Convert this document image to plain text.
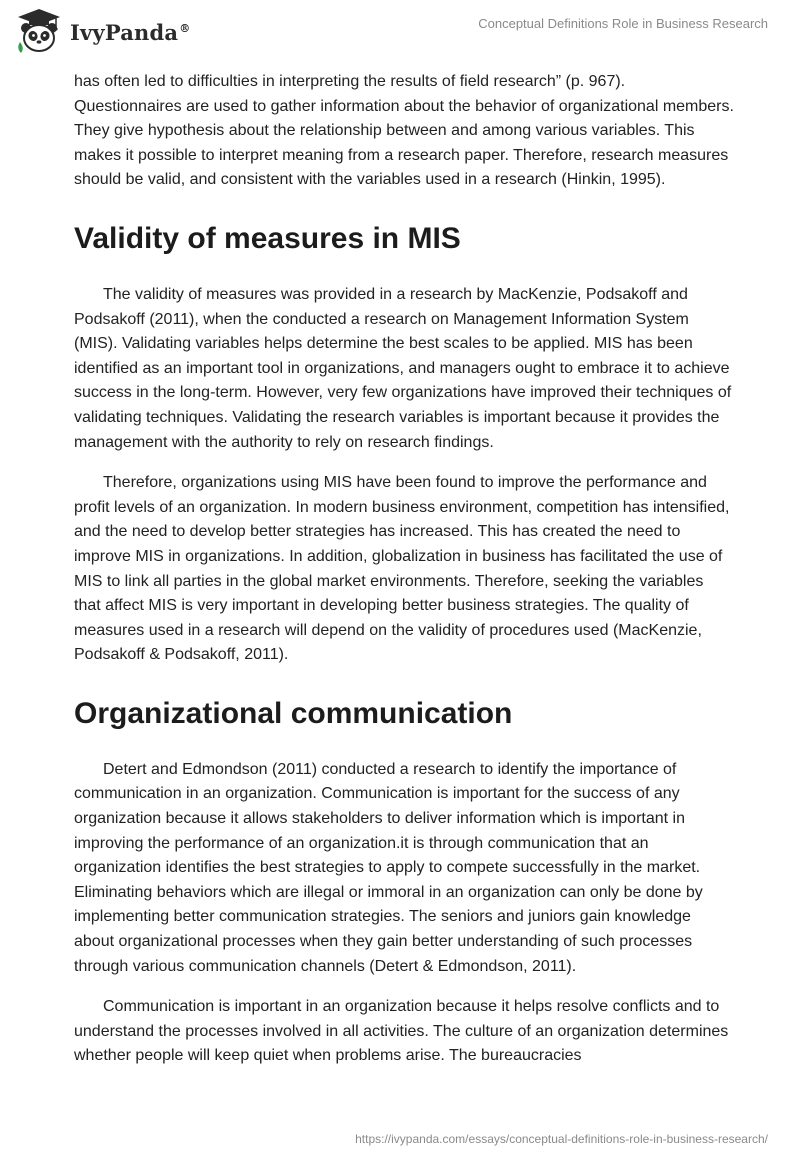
IvyPanda®	Conceptual Definitions Role in Business Research

has often led to difficulties in interpreting the results of field research” (p. 967). Questionnaires are used to gather information about the behavior of organizational members. They give hypothesis about the relationship between and among various variables. This makes it possible to interpret meaning from a research paper. Therefore, research measures should be valid, and consistent with the variables used in a research (Hinkin, 1995).

Validity of measures in MIS

The validity of measures was provided in a research by MacKenzie, Podsakoff and Podsakoff (2011), when the conducted a research on Management Information System (MIS). Validating variables helps determine the best scales to be applied. MIS has been identified as an important tool in organizations, and managers ought to embrace it to achieve success in the long-term. However, very few organizations have improved their techniques of validating techniques. Validating the research variables is important because it provides the management with the authority to rely on research findings.

Therefore, organizations using MIS have been found to improve the performance and profit levels of an organization. In modern business environment, competition has intensified, and the need to develop better strategies has increased. This has created the need to improve MIS in organizations. In addition, globalization in business has facilitated the use of MIS to link all parties in the global market environments. Therefore, seeking the variables that affect MIS is very important in developing better business strategies. The quality of measures used in a research will depend on the validity of procedures used (MacKenzie, Podsakoff & Podsakoff, 2011).

Organizational communication

Detert and Edmondson (2011) conducted a research to identify the importance of communication in an organization. Communication is important for the success of any organization because it allows stakeholders to deliver information which is important in improving the performance of an organization.it is through communication that an organization identifies the best strategies to apply to compete successfully in the market. Eliminating behaviors which are illegal or immoral in an organization can only be done by implementing better communication strategies. The seniors and juniors gain knowledge about organizational processes when they gain better understanding of such processes through various communication channels (Detert & Edmondson, 2011).

Communication is important in an organization because it helps resolve conflicts and to understand the processes involved in all activities. The culture of an organization determines whether people will keep quiet when problems arise. The bureaucracies

https://ivypanda.com/essays/conceptual-definitions-role-in-business-research/
